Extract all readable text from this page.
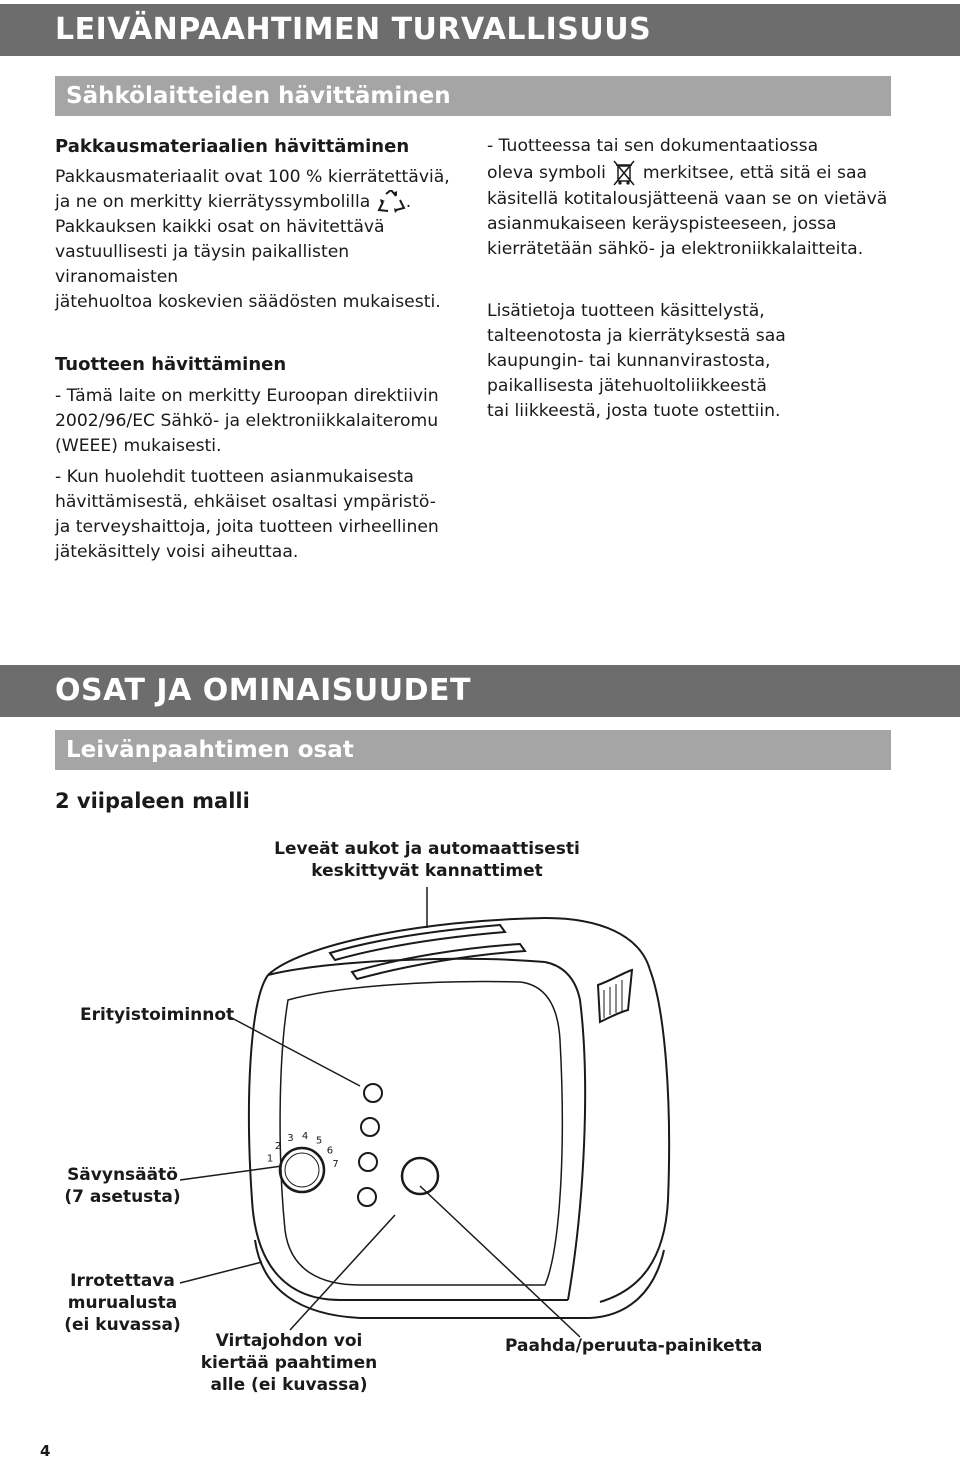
LEIVÄNPAAHTIMEN TURVALLISUUS
Sähkölaitteiden hävittäminen

Pakkausmateriaalien hävittäminen

Pakkausmateriaalit ovat 100 % kierrätettäviä,
ja ne on merkitty kierrätyssymbolilla .
Pakkauksen kaikki osat on hävitettävä
vastuullisesti ja täysin paikallisten viranomaisten
jätehuoltoa koskevien säädösten mukaisesti.

Tuotteen hävittäminen

- Tämä laite on merkitty Euroopan direktiivin
2002/96/EC Sähkö- ja elektroniikkalaiteromu
(WEEE) mukaisesti.

- Kun huolehdit tuotteen asianmukaisesta
hävittämisestä, ehkäiset osaltasi ympäristö-
ja terveyshaittoja, joita tuotteen virheellinen
jätekäsittely voisi aiheuttaa.

- Tuotteessa tai sen dokumentaatiossa
oleva symboli merkitsee, että sitä ei saa
käsitellä kotitalousjätteenä vaan se on vietävä
asianmukaiseen keräyspisteeseen, jossa
kierrätetään sähkö- ja elektroniikkalaitteita.

Lisätietoja tuotteen käsittelystä,
talteenotosta ja kierrätyksestä saa
kaupungin- tai kunnanvirastosta,
paikallisesta jätehuoltoliikkeestä
tai liikkeestä, josta tuote ostettiin.

OSAT JA OMINAISUUDET
Leivänpaahtimen osat
2 viipaleen malli
1
2
3 4 5
6
7
Leveät aukot ja automaattisesti
keskittyvät kannattimet
Erityistoiminnot
Sävynsäätö
(7 asetusta)
Irrotettava
murualusta
(ei kuvassa)
Virtajohdon voi
kiertää paahtimen
alle (ei kuvassa)
Paahda/peruuta-painiketta
4
